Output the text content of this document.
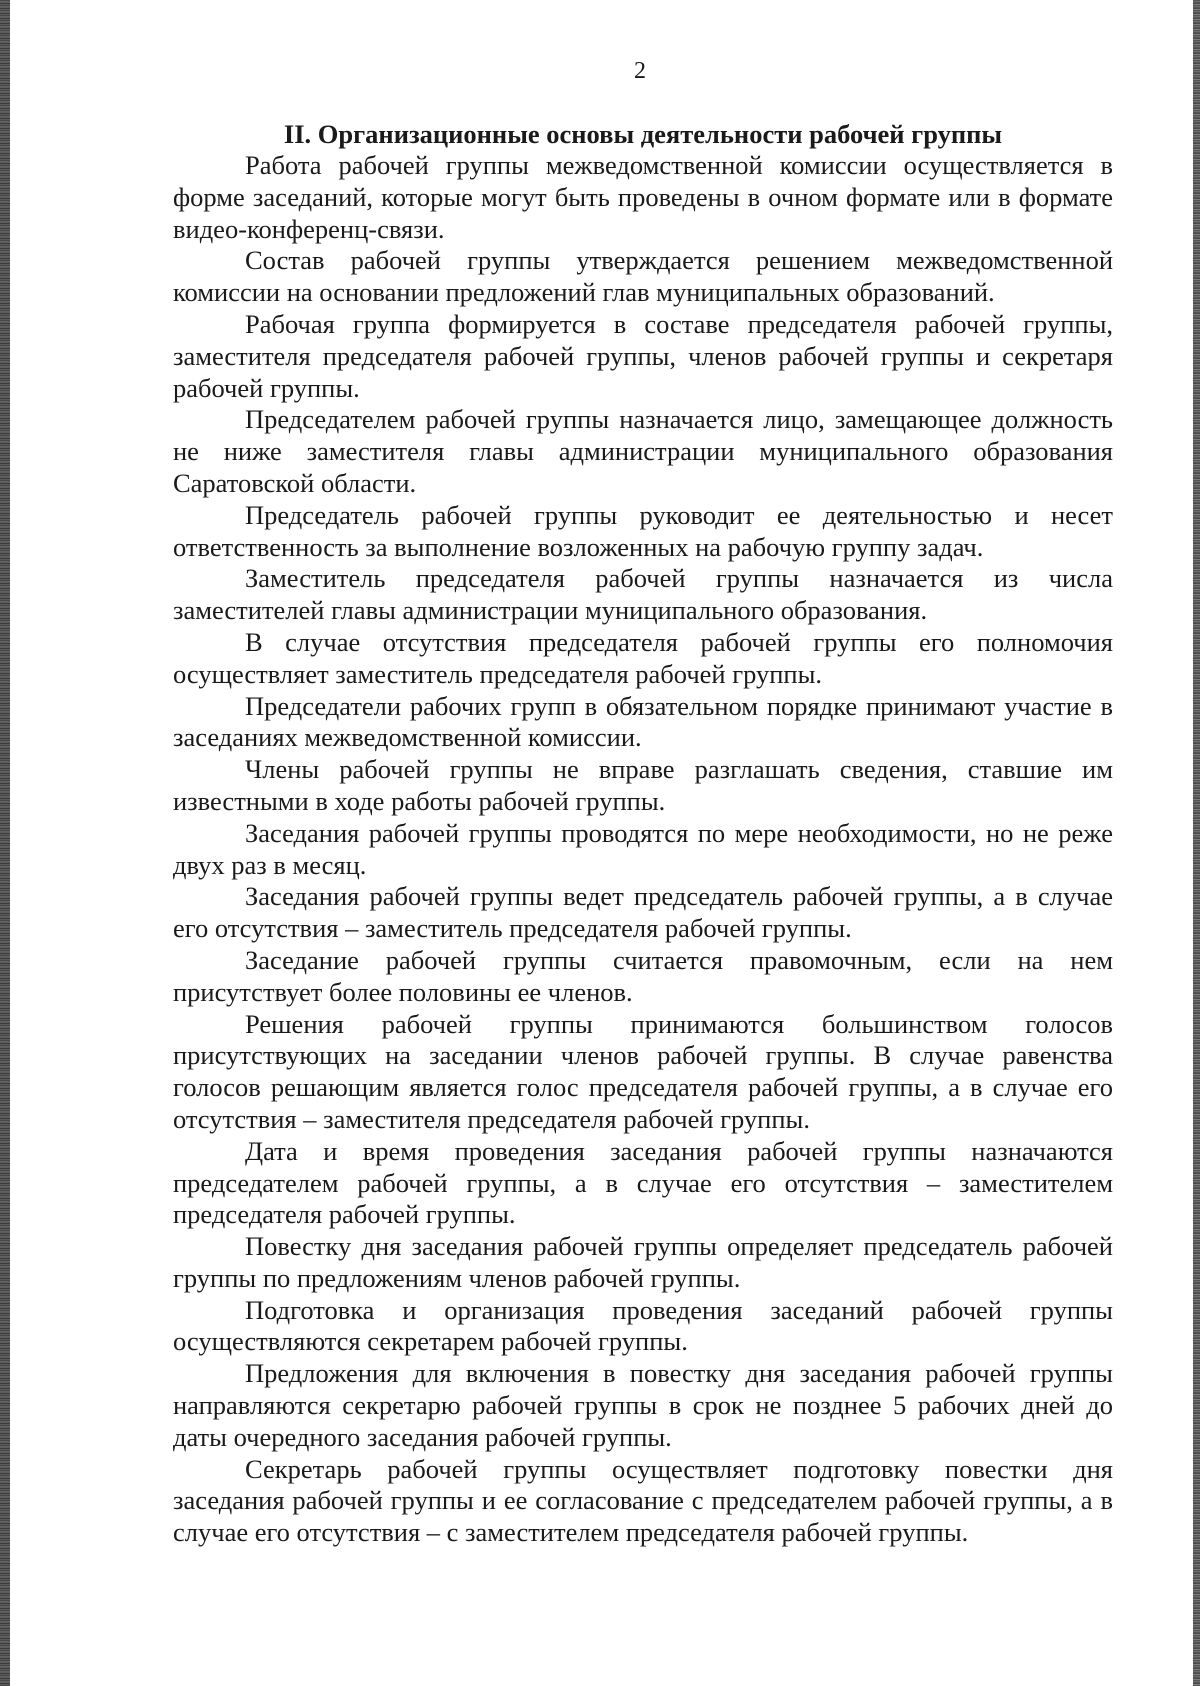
2
II. Организационные основы деятельности рабочей группы

Работа рабочей группы межведомственной комиссии осуществляется в форме заседаний, которые могут быть проведены в очном формате или в формате видео-конференц-связи.

Состав рабочей группы утверждается решением межведомственной комиссии на основании предложений глав муниципальных образований.

Рабочая группа формируется в составе председателя рабочей группы, заместителя председателя рабочей группы, членов рабочей группы и секретаря рабочей группы.

Председателем рабочей группы назначается лицо, замещающее должность не ниже заместителя главы администрации муниципального образования Саратовской области.

Председатель рабочей группы руководит ее деятельностью и несет ответственность за выполнение возложенных на рабочую группу задач.

Заместитель председателя рабочей группы назначается из числа заместителей главы администрации муниципального образования.

В случае отсутствия председателя рабочей группы его полномочия осуществляет заместитель председателя рабочей группы.

Председатели рабочих групп в обязательном порядке принимают участие в заседаниях межведомственной комиссии.

Члены рабочей группы не вправе разглашать сведения, ставшие им известными в ходе работы рабочей группы.

Заседания рабочей группы проводятся по мере необходимости, но не реже двух раз в месяц.

Заседания рабочей группы ведет председатель рабочей группы, а в случае его отсутствия – заместитель председателя рабочей группы.

Заседание рабочей группы считается правомочным, если на нем присутствует более половины ее членов.

Решения рабочей группы принимаются большинством голосов присутствующих на заседании членов рабочей группы. В случае равенства голосов решающим является голос председателя рабочей группы, а в случае его отсутствия – заместителя председателя рабочей группы.

Дата и время проведения заседания рабочей группы назначаются председателем рабочей группы, а в случае его отсутствия – заместителем председателя рабочей группы.

Повестку дня заседания рабочей группы определяет председатель рабочей группы по предложениям членов рабочей группы.

Подготовка и организация проведения заседаний рабочей группы осуществляются секретарем рабочей группы.

Предложения для включения в повестку дня заседания рабочей группы направляются секретарю рабочей группы в срок не позднее 5 рабочих дней до даты очередного заседания рабочей группы.

Секретарь рабочей группы осуществляет подготовку повестки дня заседания рабочей группы и ее согласование с председателем рабочей группы, а в случае его отсутствия – с заместителем председателя рабочей группы.
